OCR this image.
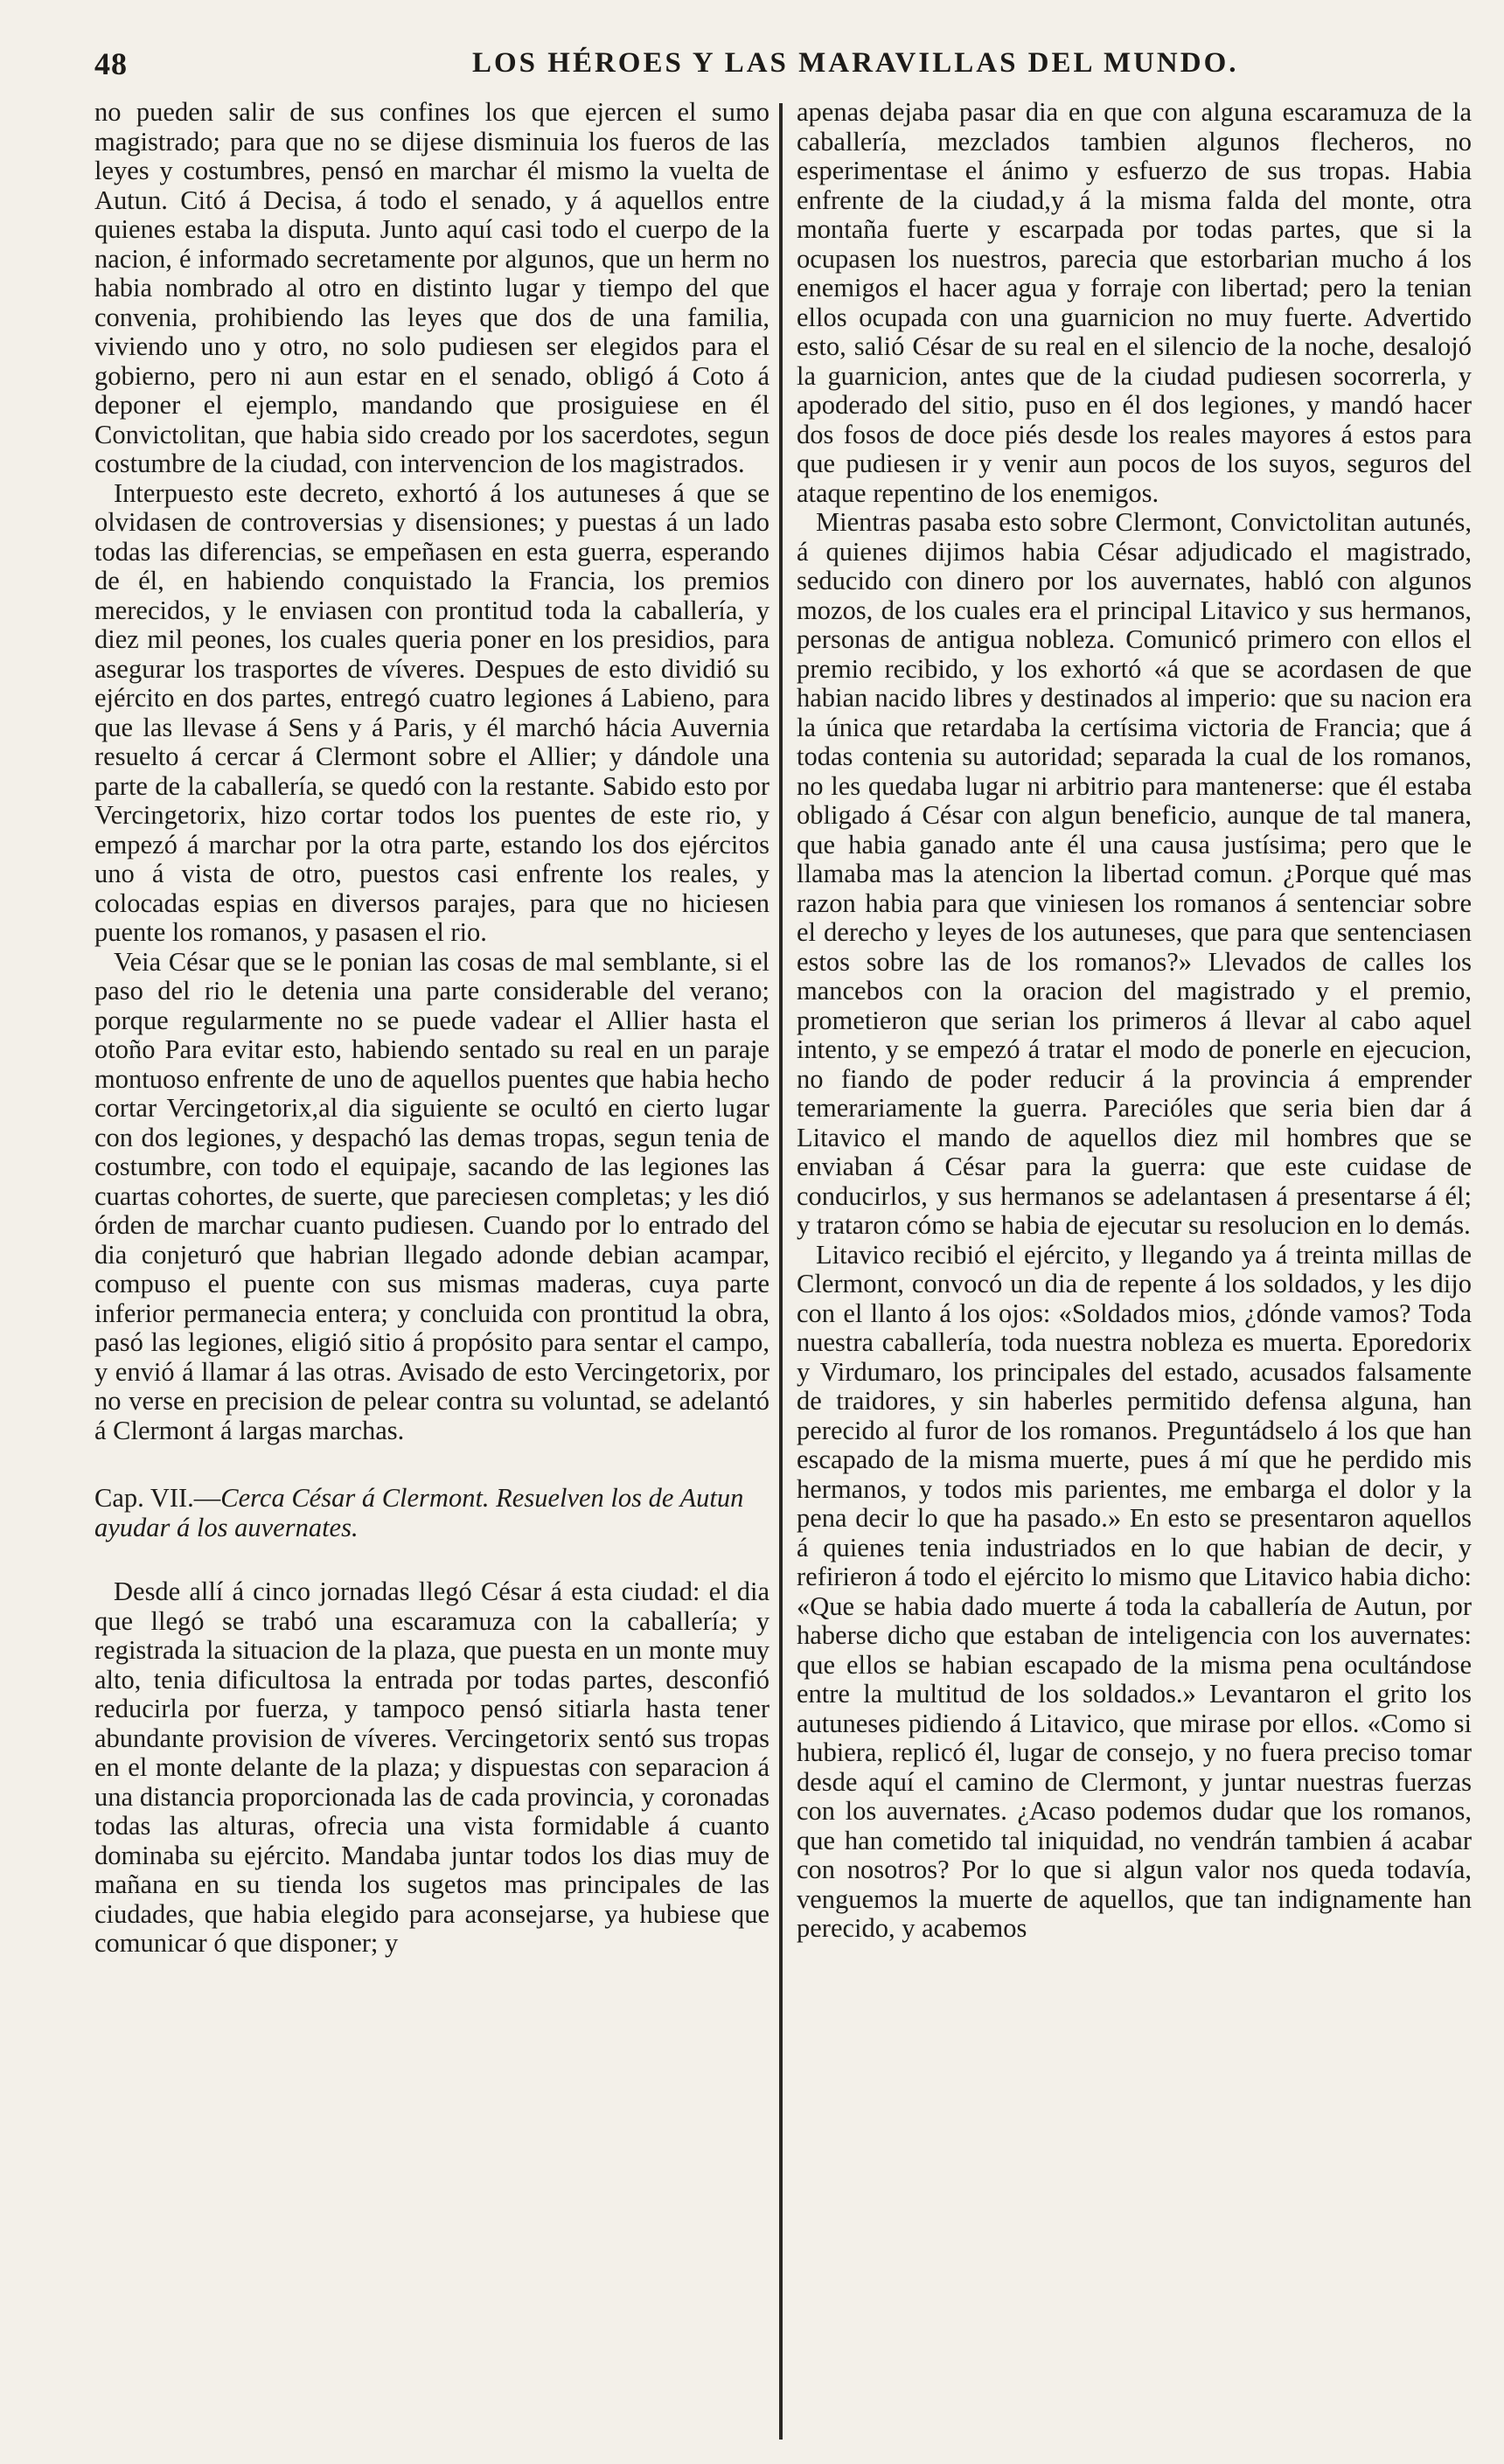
48	LOS HÉROES Y LAS MARAVILLAS DEL MUNDO.

no pueden salir de sus confines los que ejercen el sumo magistrado; para que no se dijese disminuia los fueros de las leyes y costumbres, pensó en marchar él mismo la vuelta de Autun. Citó á Decisa, á todo el senado, y á aquellos entre quienes estaba la disputa. Junto aquí casi todo el cuerpo de la nacion, é informado secretamente por algunos, que un herm no habia nombrado al otro en distinto lugar y tiempo del que convenia, prohibiendo las leyes que dos de una familia, viviendo uno y otro, no solo pudiesen ser elegidos para el gobierno, pero ni aun estar en el senado, obligó á Coto á deponer el ejemplo, mandando que prosiguiese en él Convictolitan, que habia sido creado por los sacerdotes, segun costumbre de la ciudad, con intervencion de los magistrados.

Interpuesto este decreto, exhortó á los autuneses á que se olvidasen de controversias y disensiones; y puestas á un lado todas las diferencias, se empeñasen en esta guerra, esperando de él, en habiendo conquistado la Francia, los premios merecidos, y le enviasen con prontitud toda la caballería, y diez mil peones, los cuales queria poner en los presidios, para asegurar los trasportes de víveres. Despues de esto dividió su ejército en dos partes, entregó cuatro legiones á Labieno, para que las llevase á Sens y á Paris, y él marchó hácia Auvernia resuelto á cercar á Clermont sobre el Allier; y dándole una parte de la caballería, se quedó con la restante. Sabido esto por Vercingetorix, hizo cortar todos los puentes de este rio, y empezó á marchar por la otra parte, estando los dos ejércitos uno á vista de otro, puestos casi enfrente los reales, y colocadas espias en diversos parajes, para que no hiciesen puente los romanos, y pasasen el rio.

Veia César que se le ponian las cosas de mal semblante, si el paso del rio le detenia una parte considerable del verano; porque regularmente no se puede vadear el Allier hasta el otoño Para evitar esto, habiendo sentado su real en un paraje montuoso enfrente de uno de aquellos puentes que habia hecho cortar Vercingetorix,al dia siguiente se ocultó en cierto lugar con dos legiones, y despachó las demas tropas, segun tenia de costumbre, con todo el equipaje, sacando de las legiones las cuartas cohortes, de suerte, que pareciesen completas; y les dió órden de marchar cuanto pudiesen. Cuando por lo entrado del dia conjeturó que habrian llegado adonde debian acampar, compuso el puente con sus mismas maderas, cuya parte inferior permanecia entera; y concluida con prontitud la obra, pasó las legiones, eligió sitio á propósito para sentar el campo, y envió á llamar á las otras. Avisado de esto Vercingetorix, por no verse en precision de pelear contra su voluntad, se adelantó á Clermont á largas marchas.

Cap. VII.—Cerca César á Clermont. Resuelven los de Autun ayudar á los auvernates.

Desde allí á cinco jornadas llegó César á esta ciudad: el dia que llegó se trabó una escaramuza con la caballería; y registrada la situacion de la plaza, que puesta en un monte muy alto, tenia dificultosa la entrada por todas partes, desconfió reducirla por fuerza, y tampoco pensó sitiarla hasta tener abundante provision de víveres. Vercingetorix sentó sus tropas en el monte delante de la plaza; y dispuestas con separacion á una distancia proporcionada las de cada provincia, y coronadas todas las alturas, ofrecia una vista formidable á cuanto dominaba su ejército. Mandaba juntar todos los dias muy de mañana en su tienda los sugetos mas principales de las ciudades, que habia elegido para aconsejarse, ya hubiese que comunicar ó que disponer; y

apenas dejaba pasar dia en que con alguna escaramuza de la caballería, mezclados tambien algunos flecheros, no esperimentase el ánimo y esfuerzo de sus tropas. Habia enfrente de la ciudad,y á la misma falda del monte, otra montaña fuerte y escarpada por todas partes, que si la ocupasen los nuestros, parecia que estorbarian mucho á los enemigos el hacer agua y forraje con libertad; pero la tenian ellos ocupada con una guarnicion no muy fuerte. Advertido esto, salió César de su real en el silencio de la noche, desalojó la guarnicion, antes que de la ciudad pudiesen socorrerla, y apoderado del sitio, puso en él dos legiones, y mandó hacer dos fosos de doce piés desde los reales mayores á estos para que pudiesen ir y venir aun pocos de los suyos, seguros del ataque repentino de los enemigos.

Mientras pasaba esto sobre Clermont, Convictolitan autunés, á quienes dijimos habia César adjudicado el magistrado, seducido con dinero por los auvernates, habló con algunos mozos, de los cuales era el principal Litavico y sus hermanos, personas de antigua nobleza. Comunicó primero con ellos el premio recibido, y los exhortó «á que se acordasen de que habian nacido libres y destinados al imperio: que su nacion era la única que retardaba la certísima victoria de Francia; que á todas contenia su autoridad; separada la cual de los romanos, no les quedaba lugar ni arbitrio para mantenerse: que él estaba obligado á César con algun beneficio, aunque de tal manera, que habia ganado ante él una causa justísima; pero que le llamaba mas la atencion la libertad comun. ¿Porque qué mas razon habia para que viniesen los romanos á sentenciar sobre el derecho y leyes de los autuneses, que para que sentenciasen estos sobre las de los romanos?» Llevados de calles los mancebos con la oracion del magistrado y el premio, prometieron que serian los primeros á llevar al cabo aquel intento, y se empezó á tratar el modo de ponerle en ejecucion, no fiando de poder reducir á la provincia á emprender temerariamente la guerra. Parecióles que seria bien dar á Litavico el mando de aquellos diez mil hombres que se enviaban á César para la guerra: que este cuidase de conducirlos, y sus hermanos se adelantasen á presentarse á él; y trataron cómo se habia de ejecutar su resolucion en lo demás.

Litavico recibió el ejército, y llegando ya á treinta millas de Clermont, convocó un dia de repente á los soldados, y les dijo con el llanto á los ojos: «Soldados mios, ¿dónde vamos? Toda nuestra caballería, toda nuestra nobleza es muerta. Eporedorix y Virdumaro, los principales del estado, acusados falsamente de traidores, y sin haberles permitido defensa alguna, han perecido al furor de los romanos. Preguntádselo á los que han escapado de la misma muerte, pues á mí que he perdido mis hermanos, y todos mis parientes, me embarga el dolor y la pena decir lo que ha pasado.» En esto se presentaron aquellos á quienes tenia industriados en lo que habian de decir, y refirieron á todo el ejército lo mismo que Litavico habia dicho: «Que se habia dado muerte á toda la caballería de Autun, por haberse dicho que estaban de inteligencia con los auvernates: que ellos se habian escapado de la misma pena ocultándose entre la multitud de los soldados.» Levantaron el grito los autuneses pidiendo á Litavico, que mirase por ellos. «Como si hubiera, replicó él, lugar de consejo, y no fuera preciso tomar desde aquí el camino de Clermont, y juntar nuestras fuerzas con los auvernates. ¿Acaso podemos dudar que los romanos, que han cometido tal iniquidad, no vendrán tambien á acabar con nosotros? Por lo que si algun valor nos queda todavía, venguemos la muerte de aquellos, que tan indignamente han perecido, y acabemos
